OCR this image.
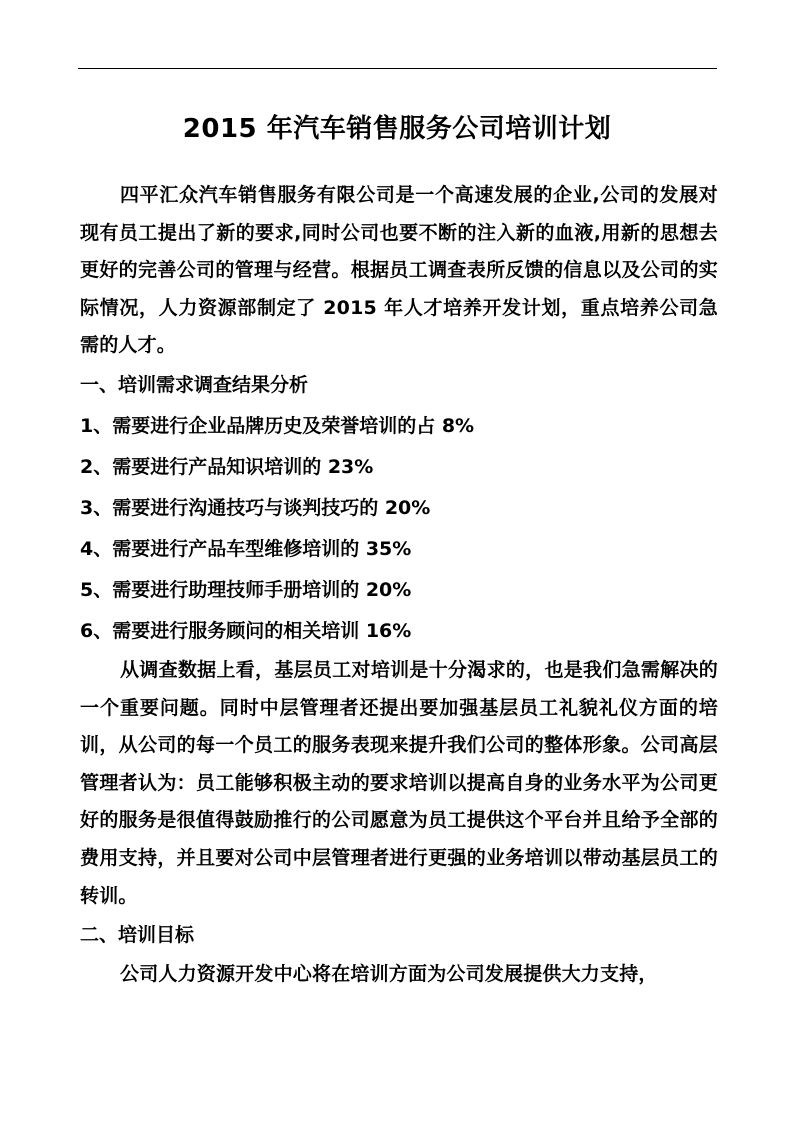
2015 年汽车销售服务公司培训计划

四平汇众汽车销售服务有限公司是一个高速发展的企业,公司的发展对现有员工提出了新的要求,同时公司也要不断的注入新的血液,用新的思想去更好的完善公司的管理与经营。根据员工调查表所反馈的信息以及公司的实际情况，人力资源部制定了 2015 年人才培养开发计划，重点培养公司急需的人才。

一、培训需求调查结果分析

1、需要进行企业品牌历史及荣誉培训的占 8%

2、需要进行产品知识培训的 23%

3、需要进行沟通技巧与谈判技巧的 20%

4、需要进行产品车型维修培训的 35%

5、需要进行助理技师手册培训的 20%

6、需要进行服务顾问的相关培训 16%

从调查数据上看，基层员工对培训是十分渴求的，也是我们急需解决的一个重要问题。同时中层管理者还提出要加强基层员工礼貌礼仪方面的培训，从公司的每一个员工的服务表现来提升我们公司的整体形象。公司高层管理者认为：员工能够积极主动的要求培训以提高自身的业务水平为公司更好的服务是很值得鼓励推行的公司愿意为员工提供这个平台并且给予全部的费用支持，并且要对公司中层管理者进行更强的业务培训以带动基层员工的转训。

二、培训目标

公司人力资源开发中心将在培训方面为公司发展提供大力支持，
